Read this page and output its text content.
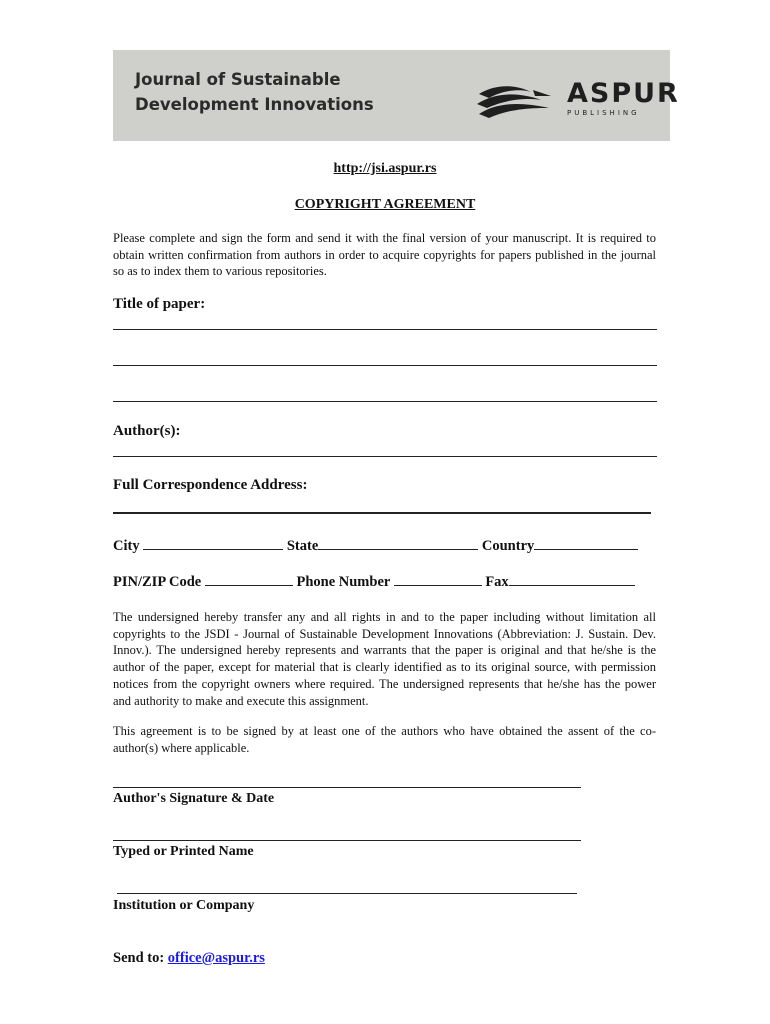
Journal of Sustainable Development Innovations	ASPUR
PUBLISHING
http://jsi.aspur.rs
COPYRIGHT AGREEMENT
Please complete and sign the form and send it with the final version of your manuscript. It is required to obtain written confirmation from authors in order to acquire copyrights for papers published in the journal so as to index them to various repositories.
Title of paper:
Author(s):
Full Correspondence Address:
City	State	Country
PIN/ZIP Code	Phone Number	Fax
The undersigned hereby transfer any and all rights in and to the paper including without limitation all copyrights to the JSDI - Journal of Sustainable Development Innovations (Abbreviation: J. Sustain. Dev. Innov.). The undersigned hereby represents and warrants that the paper is original and that he/she is the author of the paper, except for material that is clearly identified as to its original source, with permission notices from the copyright owners where required. The undersigned represents that he/she has the power and authority to make and execute this assignment.
This agreement is to be signed by at least one of the authors who have obtained the assent of the co-author(s) where applicable.
Author's Signature & Date
Typed or Printed Name
Institution or Company
Send to: office@aspur.rs
